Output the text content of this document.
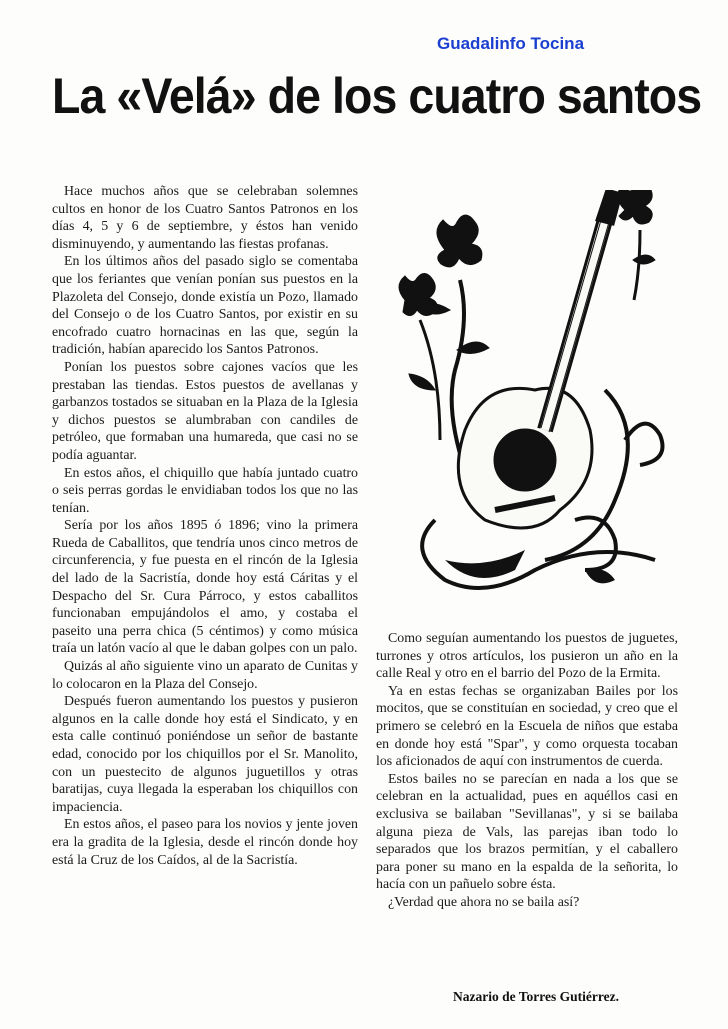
Guadalinfo Tocina
La «Velá» de los cuatro santos

Hace muchos años que se celebraban solemnes cultos en honor de los Cuatro Santos Patronos en los días 4, 5 y 6 de septiembre, y éstos han venido disminuyendo, y aumentando las fiestas profanas.

En los últimos años del pasado siglo se comentaba que los feriantes que venían ponían sus puestos en la Plazoleta del Consejo, donde existía un Pozo, llamado del Consejo o de los Cuatro Santos, por existir en su encofrado cuatro hornacinas en las que, según la tradición, habían aparecido los Santos Patronos.

Ponían los puestos sobre cajones vacíos que les prestaban las tiendas. Estos puestos de avellanas y garbanzos tostados se situaban en la Plaza de la Iglesia y dichos puestos se alumbraban con candiles de petróleo, que formaban una humareda, que casi no se podía aguantar.

En estos años, el chiquillo que había juntado cuatro o seis perras gordas le envidiaban todos los que no las tenían.

Sería por los años 1895 ó 1896; vino la primera Rueda de Caballitos, que tendría unos cinco metros de circunferencia, y fue puesta en el rincón de la Iglesia del lado de la Sacristía, donde hoy está Cáritas y el Despacho del Sr. Cura Párroco, y estos caballitos funcionaban empujándolos el amo, y costaba el paseito una perra chica (5 céntimos) y como música traía un latón vacío al que le daban golpes con un palo.

Quizás al año siguiente vino un aparato de Cunitas y lo colocaron en la Plaza del Consejo.

Después fueron aumentando los puestos y pusieron algunos en la calle donde hoy está el Sindicato, y en esta calle continuó poniéndose un señor de bastante edad, conocido por los chiquillos por el Sr. Manolito, con un puestecito de algunos juguetillos y otras baratijas, cuya llegada la esperaban los chiquillos con impaciencia.

En estos años, el paseo para los novios y jente joven era la gradita de la Iglesia, desde el rincón donde hoy está la Cruz de los Caídos, al de la Sacristía.

Como seguían aumentando los puestos de juguetes, turrones y otros artículos, los pusieron un año en la calle Real y otro en el barrio del Pozo de la Ermita.

Ya en estas fechas se organizaban Bailes por los mocitos, que se constituían en sociedad, y creo que el primero se celebró en la Escuela de niños que estaba en donde hoy está "Spar", y como orquesta tocaban los aficionados de aquí con instrumentos de cuerda.

Estos bailes no se parecían en nada a los que se celebran en la actualidad, pues en aquéllos casi en exclusiva se bailaban "Sevillanas", y si se bailaba alguna pieza de Vals, las parejas iban todo lo separados que los brazos permitían, y el caballero para poner su mano en la espalda de la señorita, lo hacía con un pañuelo sobre ésta.

¿Verdad que ahora no se baila así?

Nazario de Torres Gutiérrez.
